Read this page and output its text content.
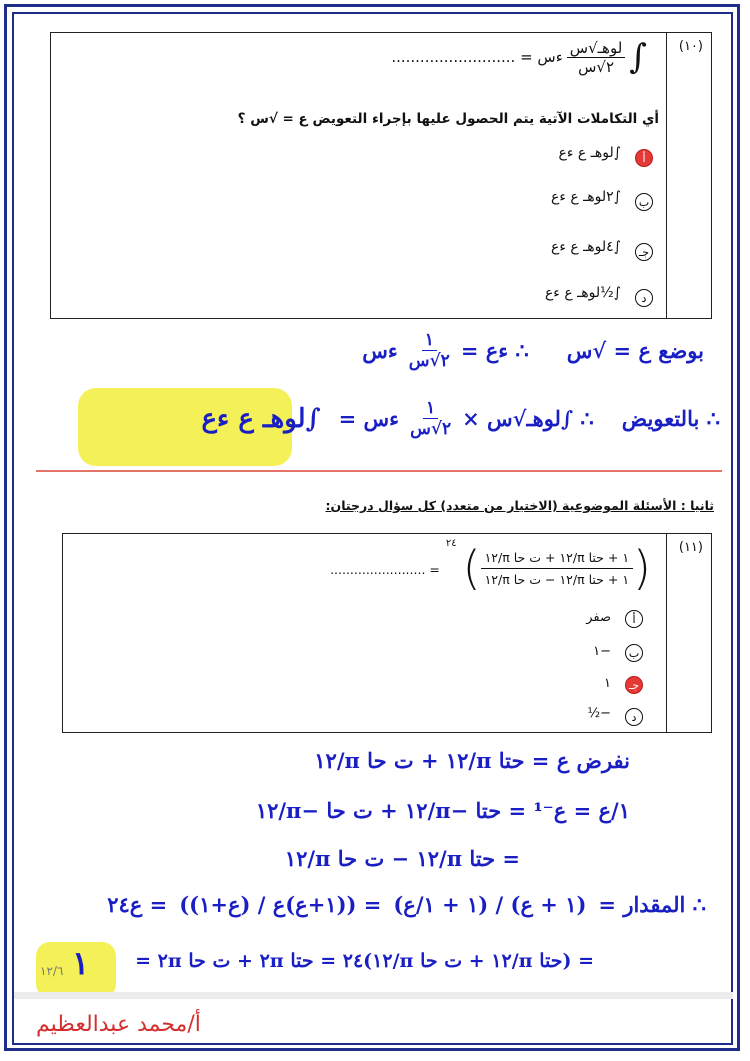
(١٠)
∫
$\frac{\text{لوهـ√س}}{\text{٢√س}}$
ءس = ..........................
أي التكاملات الآتية يتم الحصول عليها بإجراء التعويض ع = √س ؟
أ
∫لوهـ ع ءع
ب
∫٢لوهـ ع ءع
جـ
∫٤لوهـ ع ءع
د
∫½لوهـ ع ءع
بوضع ع = √س
∴ ءع =
$\frac{١}{\text{٢√س}}$
ءس
∴ بالتعويض
∴ ∫لوهـ√س ×
$\frac{١}{\text{٢√س}}$
ءس =
∫لوهـ ع ءع
ثانيا : الأسئلة الموضوعية (الاختيار من متعدد) كل سؤال درجتان:
(١١)
(
$\frac{\text{١ + حتا π/١٢ + ت حا π/١٢}}{\text{١ + حتا π/١٢ − ت حا π/١٢}}$
)
٢٤
= ........................
أ
صفر
ب
−١
جـ
١
د
−½
نفرض ع = حتا π/١٢ + ت حا π/١٢
١/ع = ع⁻¹ = حتا −π/١٢ + ت حا −π/١٢
= حتا π/١٢ − ت حا π/١٢
∴ المقدار =
(١ + ع) / (١ + ١/ع)
= ((١+ع)ع / (ع+١))
= ع٢٤
= (حتا π/١٢ + ت حا π/١٢)٢٤ = حتا ٢π + ت حا ٢π =
١
١٢/٦
أ/محمد عبدالعظيم
